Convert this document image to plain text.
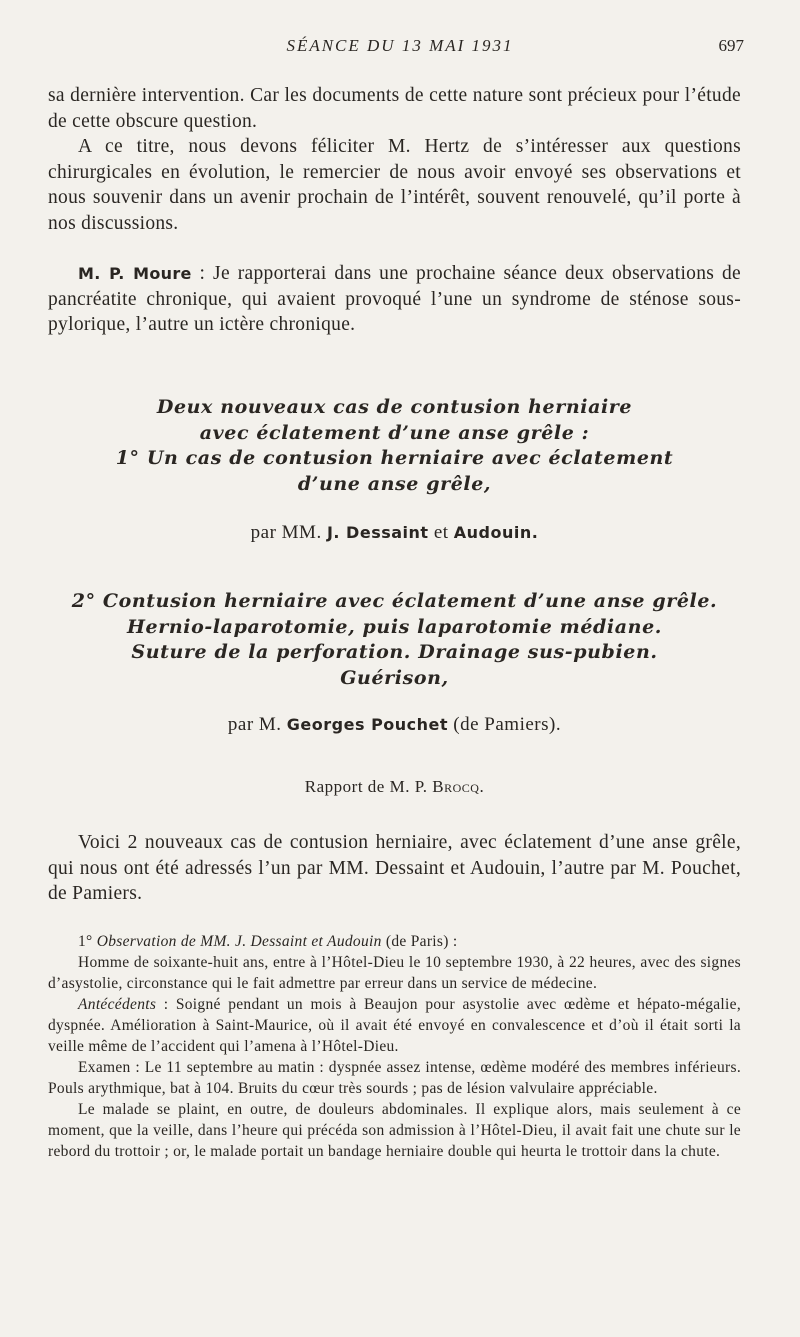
SÉANCE DU 13 MAI 1931	697

sa dernière intervention. Car les documents de cette nature sont précieux pour l’étude de cette obscure question.

A ce titre, nous devons féliciter M. Hertz de s’intéresser aux questions chirurgicales en évolution, le remercier de nous avoir envoyé ses observations et nous souvenir dans un avenir prochain de l’intérêt, souvent renouvelé, qu’il porte à nos discussions.

M. P. Moure : Je rapporterai dans une prochaine séance deux observations de pancréatite chronique, qui avaient provoqué l’une un syndrome de sténose sous-pylorique, l’autre un ictère chronique.

Deux nouveaux cas de contusion herniaire

avec éclatement d’une anse grêle :

1° Un cas de contusion herniaire avec éclatement

d’une anse grêle,

par MM. J. Dessaint et Audouin.

2° Contusion herniaire avec éclatement d’une anse grêle.

Hernio-laparotomie, puis laparotomie médiane.

Suture de la perforation. Drainage sus-pubien.

Guérison,

par M. Georges Pouchet (de Pamiers).

Rapport de M. P. Brocq.

Voici 2 nouveaux cas de contusion herniaire, avec éclatement d’une anse grêle, qui nous ont été adressés l’un par MM. Dessaint et Audouin, l’autre par M. Pouchet, de Pamiers.

1° Observation de MM. J. Dessaint et Audouin (de Paris) :

Homme de soixante-huit ans, entre à l’Hôtel-Dieu le 10 septembre 1930, à 22 heures, avec des signes d’asystolie, circonstance qui le fait admettre par erreur dans un service de médecine.

Antécédents : Soigné pendant un mois à Beaujon pour asystolie avec œdème et hépato-mégalie, dyspnée. Amélioration à Saint-Maurice, où il avait été envoyé en convalescence et d’où il était sorti la veille même de l’accident qui l’amena à l’Hôtel-Dieu.

Examen : Le 11 septembre au matin : dyspnée assez intense, œdème modéré des membres inférieurs. Pouls arythmique, bat à 104. Bruits du cœur très sourds ; pas de lésion valvulaire appréciable.

Le malade se plaint, en outre, de douleurs abdominales. Il explique alors, mais seulement à ce moment, que la veille, dans l’heure qui précéda son admission à l’Hôtel-Dieu, il avait fait une chute sur le rebord du trottoir ; or, le malade portait un bandage herniaire double qui heurta le trottoir dans la chute.
